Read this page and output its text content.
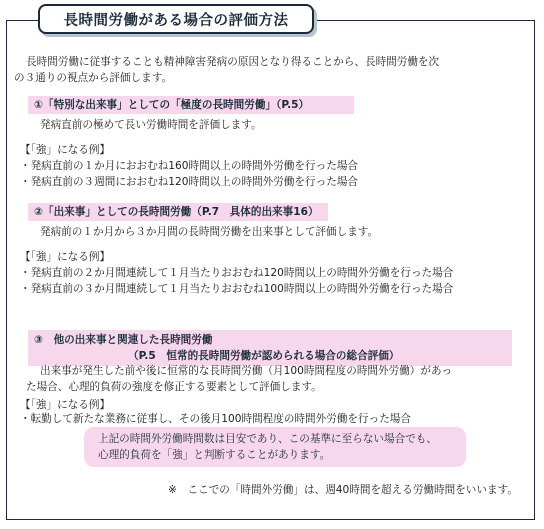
長時間労働がある場合の評価方法
長時間労働に従事することも精神障害発病の原因となり得ることから、長時間労働を次
の３通りの視点から評価します。
①「特別な出来事」としての「極度の長時間労働」（P.5）
発病直前の極めて長い労働時間を評価します。
【「強」になる例】
・発病直前の１か月におおむね160時間以上の時間外労働を行った場合
・発病直前の３週間におおむね120時間以上の時間外労働を行った場合
②「出来事」としての長時間労働（P.7　具体的出来事16）
発病前の１か月から３か月間の長時間労働を出来事として評価します。
【「強」になる例】
・発病直前の２か月間連続して１月当たりおおむね120時間以上の時間外労働を行った場合
・発病直前の３か月間連続して１月当たりおおむね100時間以上の時間外労働を行った場合
③　他の出来事と関連した長時間労働
（P.5　恒常的長時間労働が認められる場合の総合評価）
出来事が発生した前や後に恒常的な長時間労働（月100時間程度の時間外労働）があっ
た場合、心理的負荷の強度を修正する要素として評価します。
【「強」になる例】
上記の時間外労働時間数は目安であり、この基準に至らない場合でも、
心理的負荷を「強」と判断することがあります。
※　ここでの「時間外労働」は、週40時間を超える労働時間をいいます。
・転勤して新たな業務に従事し、その後月100時間程度の時間外労働を行った場合
